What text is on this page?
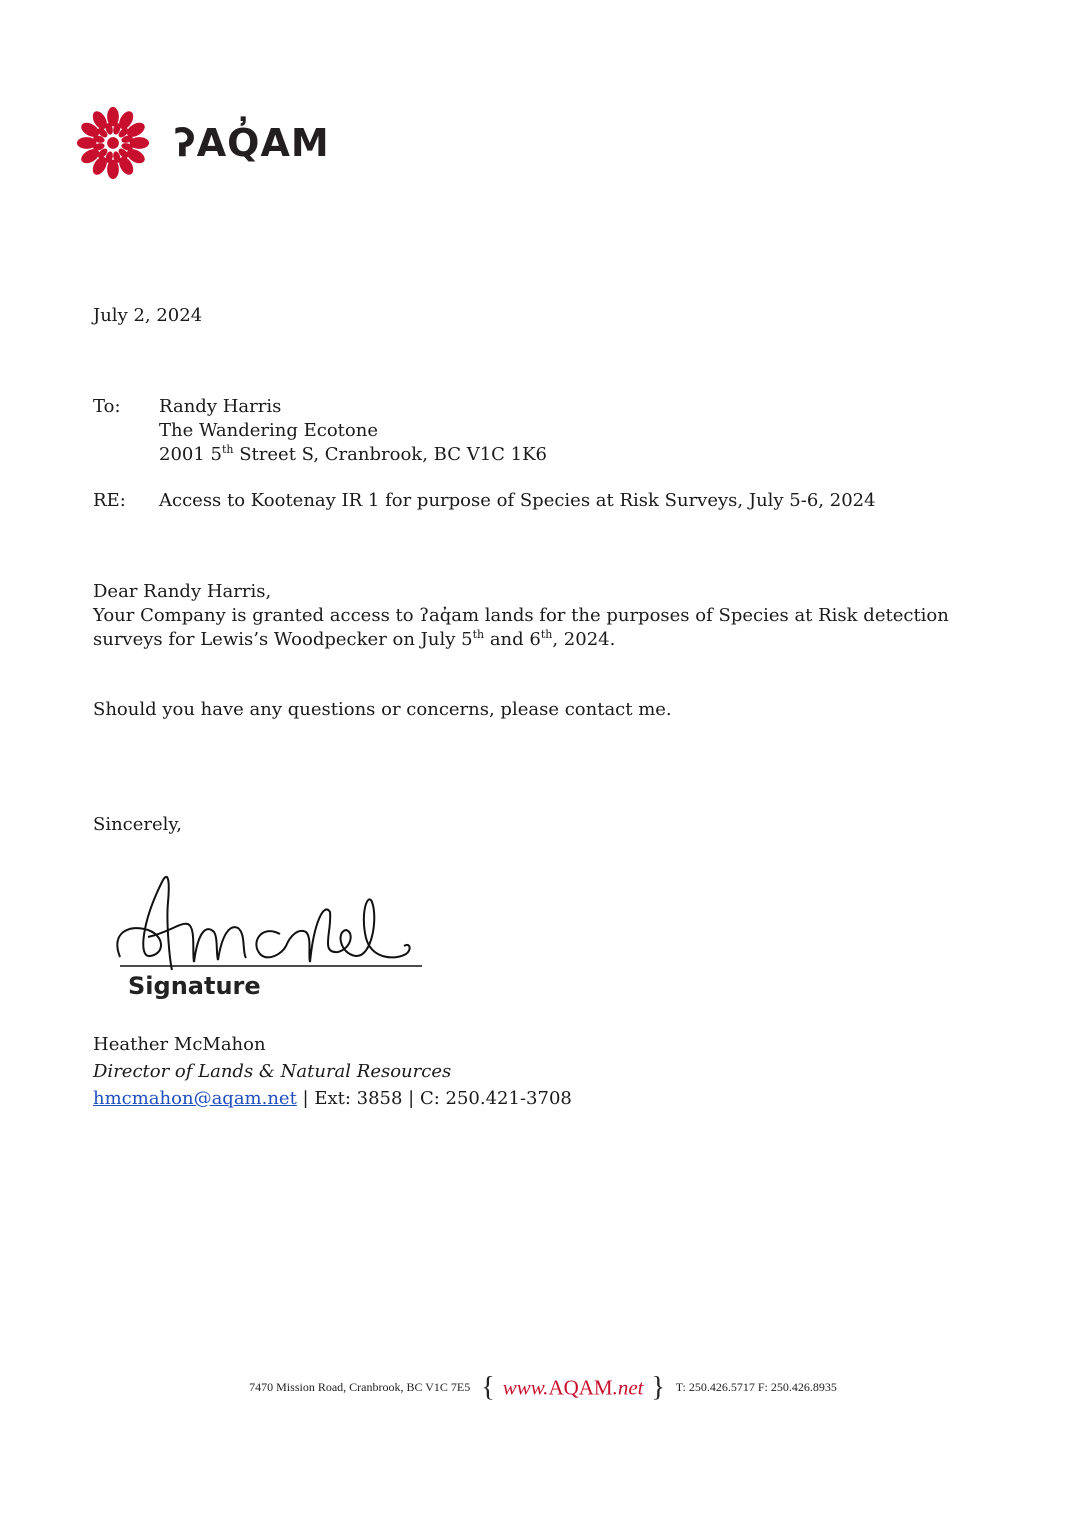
ʔAQ̓AM
July 2, 2024
To:	Randy Harris
The Wandering Ecotone
2001 5th Street S, Cranbrook, BC V1C 1K6
RE:	Access to Kootenay IR 1 for purpose of Species at Risk Surveys, July 5-6, 2024
Dear Randy Harris,
Your Company is granted access to ʔaq̓am lands for the purposes of Species at Risk detection surveys for Lewis’s Woodpecker on July 5th and 6th, 2024.
Should you have any questions or concerns, please contact me.
Sincerely,
Signature
Heather McMahon
Director of Lands & Natural Resources
hmcmahon@aqam.net | Ext: 3858 | C: 250.421-3708
7470 Mission Road, Cranbrook, BC V1C 7E5 { www.AQAM.net } T: 250.426.5717 F: 250.426.8935
